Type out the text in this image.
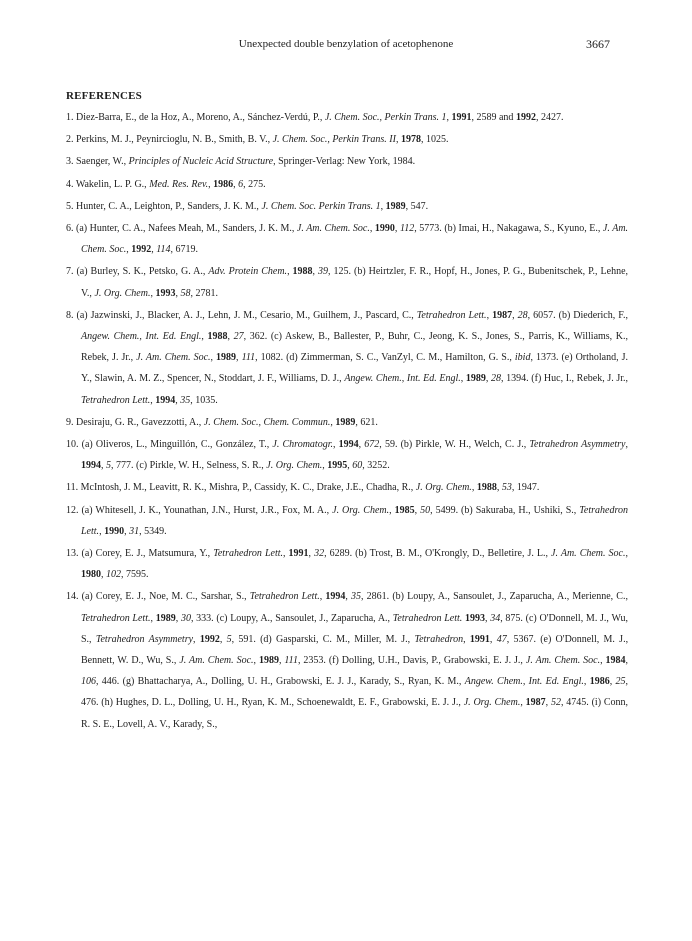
Unexpected double benzylation of acetophenone	3667
REFERENCES
1. Diez-Barra, E., de la Hoz, A., Moreno, A., Sánchez-Verdú, P., J. Chem. Soc., Perkin Trans. 1, 1991, 2589 and 1992, 2427.
2. Perkins, M. J., Peynircioglu, N. B., Smith, B. V., J. Chem. Soc., Perkin Trans. II, 1978, 1025.
3. Saenger, W., Principles of Nucleic Acid Structure, Springer-Verlag: New York, 1984.
4. Wakelin, L. P. G., Med. Res. Rev., 1986, 6, 275.
5. Hunter, C. A., Leighton, P., Sanders, J. K. M., J. Chem. Soc. Perkin Trans. 1, 1989, 547.
6. (a) Hunter, C. A., Nafees Meah, M., Sanders, J. K. M., J. Am. Chem. Soc., 1990, 112, 5773. (b) Imai, H., Nakagawa, S., Kyuno, E., J. Am. Chem. Soc., 1992, 114, 6719.
7. (a) Burley, S. K., Petsko, G. A., Adv. Protein Chem., 1988, 39, 125. (b) Heirtzler, F. R., Hopf, H., Jones, P. G., Bubenitschek, P., Lehne, V., J. Org. Chem., 1993, 58, 2781.
8. (a) Jazwinski, J., Blacker, A. J., Lehn, J. M., Cesario, M., Guilhem, J., Pascard, C., Tetrahedron Lett., 1987, 28, 6057. (b) Diederich, F., Angew. Chem., Int. Ed. Engl., 1988, 27, 362. (c) Askew, B., Ballester, P., Buhr, C., Jeong, K. S., Jones, S., Parris, K., Williams, K., Rebek, J. Jr., J. Am. Chem. Soc., 1989, 111, 1082. (d) Zimmerman, S. C., VanZyl, C. M., Hamilton, G. S., ibid, 1373. (e) Ortholand, J. Y., Slawin, A. M. Z., Spencer, N., Stoddart, J. F., Williams, D. J., Angew. Chem., Int. Ed. Engl., 1989, 28, 1394. (f) Huc, I., Rebek, J. Jr., Tetrahedron Lett., 1994, 35, 1035.
9. Desiraju, G. R., Gavezzotti, A., J. Chem. Soc., Chem. Commun., 1989, 621.
10. (a) Oliveros, L., Minguillón, C., González, T., J. Chromatogr., 1994, 672, 59. (b) Pirkle, W. H., Welch, C. J., Tetrahedron Asymmetry, 1994, 5, 777. (c) Pirkle, W. H., Selness, S. R., J. Org. Chem., 1995, 60, 3252.
11. McIntosh, J. M., Leavitt, R. K., Mishra, P., Cassidy, K. C., Drake, J.E., Chadha, R., J. Org. Chem., 1988, 53, 1947.
12. (a) Whitesell, J. K., Younathan, J.N., Hurst, J.R., Fox, M. A., J. Org. Chem., 1985, 50, 5499. (b) Sakuraba, H., Ushiki, S., Tetrahedron Lett., 1990, 31, 5349.
13. (a) Corey, E. J., Matsumura, Y., Tetrahedron Lett., 1991, 32, 6289. (b) Trost, B. M., O'Krongly, D., Belletire, J. L., J. Am. Chem. Soc., 1980, 102, 7595.
14. (a) Corey, E. J., Noe, M. C., Sarshar, S., Tetrahedron Lett., 1994, 35, 2861. (b) Loupy, A., Sansoulet, J., Zaparucha, A., Merienne, C., Tetrahedron Lett., 1989, 30, 333. (c) Loupy, A., Sansoulet, J., Zaparucha, A., Tetrahedron Lett. 1993, 34, 875. (c) O'Donnell, M. J., Wu, S., Tetrahedron Asymmetry, 1992, 5, 591. (d) Gasparski, C. M., Miller, M. J., Tetrahedron, 1991, 47, 5367. (e) O'Donnell, M. J., Bennett, W. D., Wu, S., J. Am. Chem. Soc., 1989, 111, 2353. (f) Dolling, U.H., Davis, P., Grabowski, E. J. J., J. Am. Chem. Soc., 1984, 106, 446. (g) Bhattacharya, A., Dolling, U. H., Grabowski, E. J. J., Karady, S., Ryan, K. M., Angew. Chem., Int. Ed. Engl., 1986, 25, 476. (h) Hughes, D. L., Dolling, U. H., Ryan, K. M., Schoenewaldt, E. F., Grabowski, E. J. J., J. Org. Chem., 1987, 52, 4745. (i) Conn, R. S. E., Lovell, A. V., Karady, S.,
